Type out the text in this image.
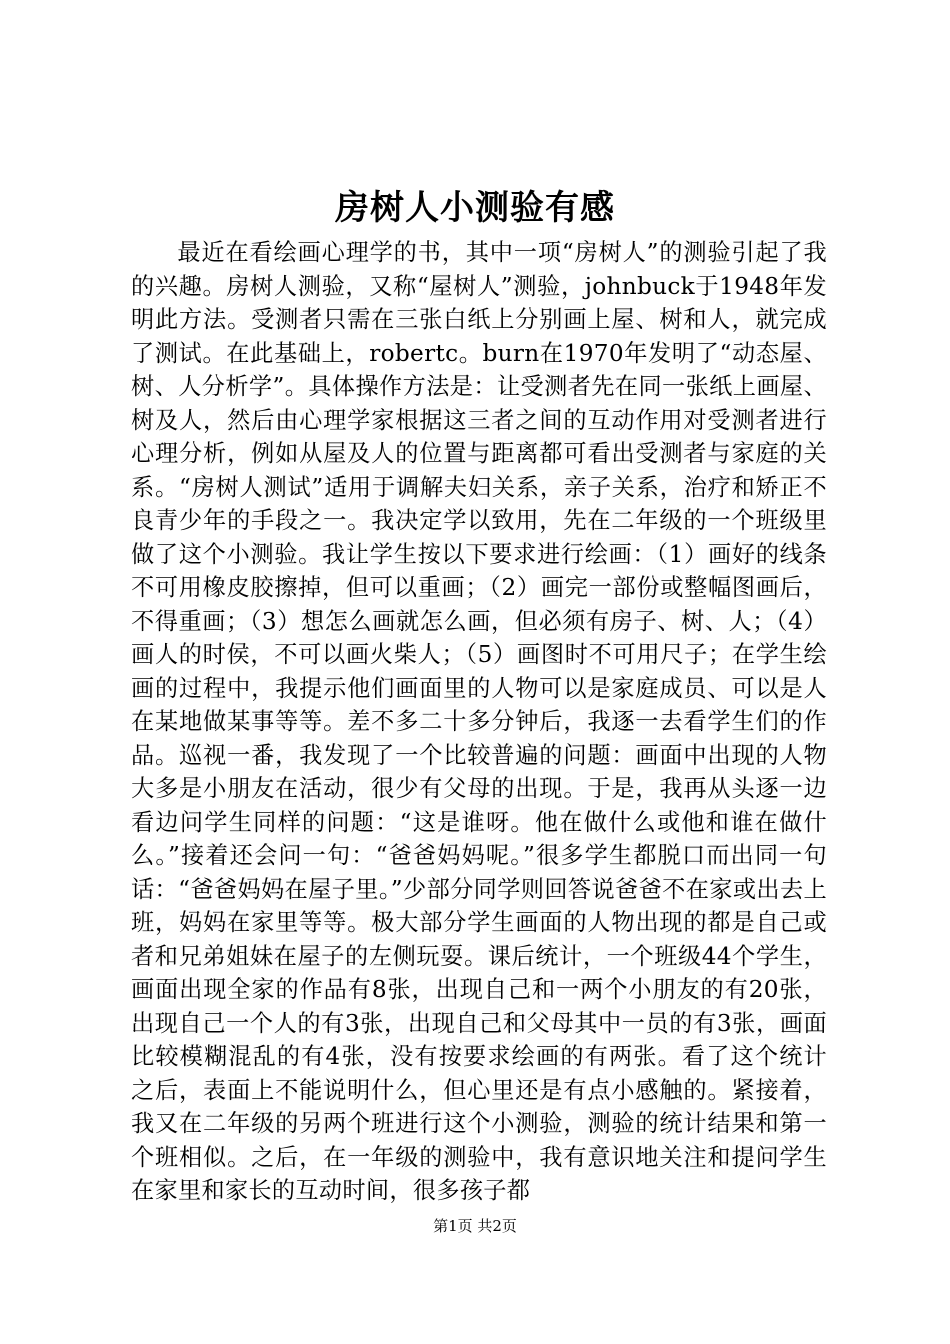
房树人小测验有感

最近在看绘画心理学的书，其中一项“房树人”的测验引起了我的兴趣。房树人测验，又称“屋树人”测验，johnbuck于1948年发明此方法。受测者只需在三张白纸上分别画上屋、树和人，就完成了测试。在此基础上，robertc。burn在1970年发明了“动态屋、树、人分析学”。具体操作方法是：让受测者先在同一张纸上画屋、树及人，然后由心理学家根据这三者之间的互动作用对受测者进行心理分析，例如从屋及人的位置与距离都可看出受测者与家庭的关系。“房树人测试”适用于调解夫妇关系，亲子关系，治疗和矫正不良青少年的手段之一。我决定学以致用，先在二年级的一个班级里做了这个小测验。我让学生按以下要求进行绘画：（1）画好的线条不可用橡皮胶擦掉，但可以重画；（2）画完一部份或整幅图画后，不得重画；（3）想怎么画就怎么画，但必须有房子、树、人；（4）画人的时侯，不可以画火柴人；（5）画图时不可用尺子；在学生绘画的过程中，我提示他们画面里的人物可以是家庭成员、可以是人在某地做某事等等。差不多二十多分钟后，我逐一去看学生们的作品。巡视一番，我发现了一个比较普遍的问题：画面中出现的人物大多是小朋友在活动，很少有父母的出现。于是，我再从头逐一边看边问学生同样的问题：“这是谁呀。他在做什么或他和谁在做什么。”接着还会问一句：“爸爸妈妈呢。”很多学生都脱口而出同一句话：“爸爸妈妈在屋子里。”少部分同学则回答说爸爸不在家或出去上班，妈妈在家里等等。极大部分学生画面的人物出现的都是自己或者和兄弟姐妹在屋子的左侧玩耍。课后统计，一个班级44个学生，画面出现全家的作品有8张，出现自己和一两个小朋友的有20张，出现自己一个人的有3张，出现自己和父母其中一员的有3张，画面比较模糊混乱的有4张，没有按要求绘画的有两张。看了这个统计之后，表面上不能说明什么，但心里还是有点小感触的。紧接着，我又在二年级的另两个班进行这个小测验，测验的统计结果和第一个班相似。之后，在一年级的测验中，我有意识地关注和提问学生在家里和家长的互动时间，很多孩子都

第1页 共2页
